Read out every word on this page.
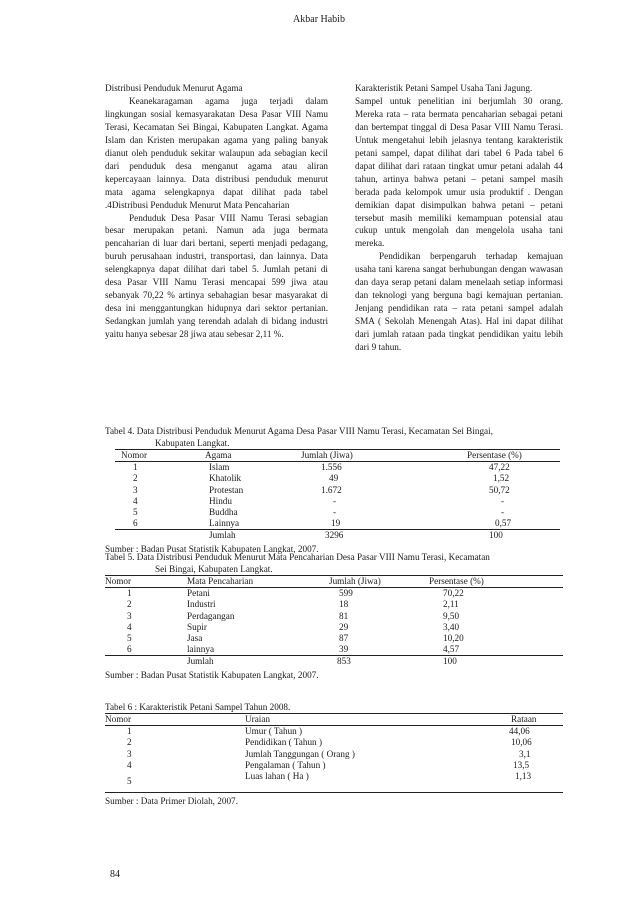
Akbar Habib

Distribusi Penduduk Menurut Agama

Keanekaragaman agama juga terjadi dalam lingkungan sosial kemasyarakatan Desa Pasar VIII Namu Terasi, Kecamatan Sei Bingai, Kabupaten Langkat. Agama Islam dan Kristen merupakan agama yang paling banyak dianut oleh penduduk sekitar walaupun ada sebagian kecil dari penduduk desa menganut agama atau aliran kepercayaan lainnya. Data distribusi penduduk menurut mata agama selengkapnya dapat dilihat pada tabel .4Distribusi Penduduk Menurut Mata Pencaharian

Penduduk Desa Pasar VIII Namu Terasi sebagian besar merupakan petani. Namun ada juga bermata pencaharian di luar dari bertani, seperti menjadi pedagang, buruh perusahaan industri, transportasi, dan lainnya. Data selengkapnya dapat dilihat dari tabel 5. Jumlah petani di desa Pasar VIII Namu Terasi mencapai 599 jiwa atau sebanyak 70,22 % artinya sebahagian besar masyarakat di desa ini menggantungkan hidupnya dari sektor pertanian. Sedangkan jumlah yang terendah adalah di bidang industri yaitu hanya sebesar 28 jiwa atau sebesar 2,11 %.

Karakteristik Petani Sampel Usaha Tani Jagung.

Sampel untuk penelitian ini berjumlah 30 orang. Mereka rata – rata bermata pencaharian sebagai petani dan bertempat tinggal di Desa Pasar VIII Namu Terasi. Untuk mengetahui lebih jelasnya tentang karakteristik petani sampel, dapat dilihat dari tabel 6 Pada tabel 6 dapat dilihat dari rataan tingkat umur petani adalah 44 tahun, artinya bahwa petani – petani sampel masih berada pada kelompok umur usia produktif . Dengan demikian dapat disimpulkan bahwa petani – petani tersebut masih memiliki kemampuan potensial atau cukup untuk mengolah dan mengelola usaha tani mereka.

Pendidikan berpengaruh terhadap kemajuan usaha tani karena sangat berhubungan dengan wawasan dan daya serap petani dalam menelaah setiap informasi dan teknologi yang berguna bagi kemajuan pertanian. Jenjang pendidikan rata – rata petani sampel adalah SMA ( Sekolah Menengah Atas). Hal ini dapat dilihat dari jumlah rataan pada tingkat pendidikan yaitu lebih dari 9 tahun.

Tabel 4. Data Distribusi Penduduk Menurut Agama Desa Pasar VIII Namu Terasi, Kecamatan Sei Bingai,
Kabupaten Langkat.
Nomor	Agama	Jumlah (Jiwa)	Persentase (%)
1	Islam	1.556	47,22
2	Khatolik	49	1,52
3	Protestan	1.672	50,72
4	Hindu	-	-
5	Buddha	-	-
6	Lainnya	19	0,57
	Jumlah	3296	100
Sumber : Badan Pusat Statistik Kabupaten Langkat, 2007.
Tabel 5. Data Distribusi Penduduk Menurut Mata Pencaharian Desa Pasar VIII Namu Terasi, Kecamatan
Sei Bingai, Kabupaten Langkat.
Nomor	Mata Pencaharian	Jumlah (Jiwa)	Persentase (%)
1	Petani	599	70,22
2	Industri	18	2,11
3	Perdagangan	81	9,50
4	Supir	29	3,40
5	Jasa	87	10,20
6	lainnya	39	4,57
	Jumlah	853	100
Sumber : Badan Pusat Statistik Kabupaten Langkat, 2007.
Tabel 6 : Karakteristik Petani Sampel Tahun 2008.
Nomor	Uraian	Rataan
1	Umur ( Tahun )	44,06
2	Pendidikan ( Tahun )	10,06
3	Jumlah Tanggungan ( Orang )	3,1
4	Pengalaman ( Tahun )	13,5
5	Luas lahan ( Ha )	1,13
Sumber : Data Primer Diolah, 2007.
84
